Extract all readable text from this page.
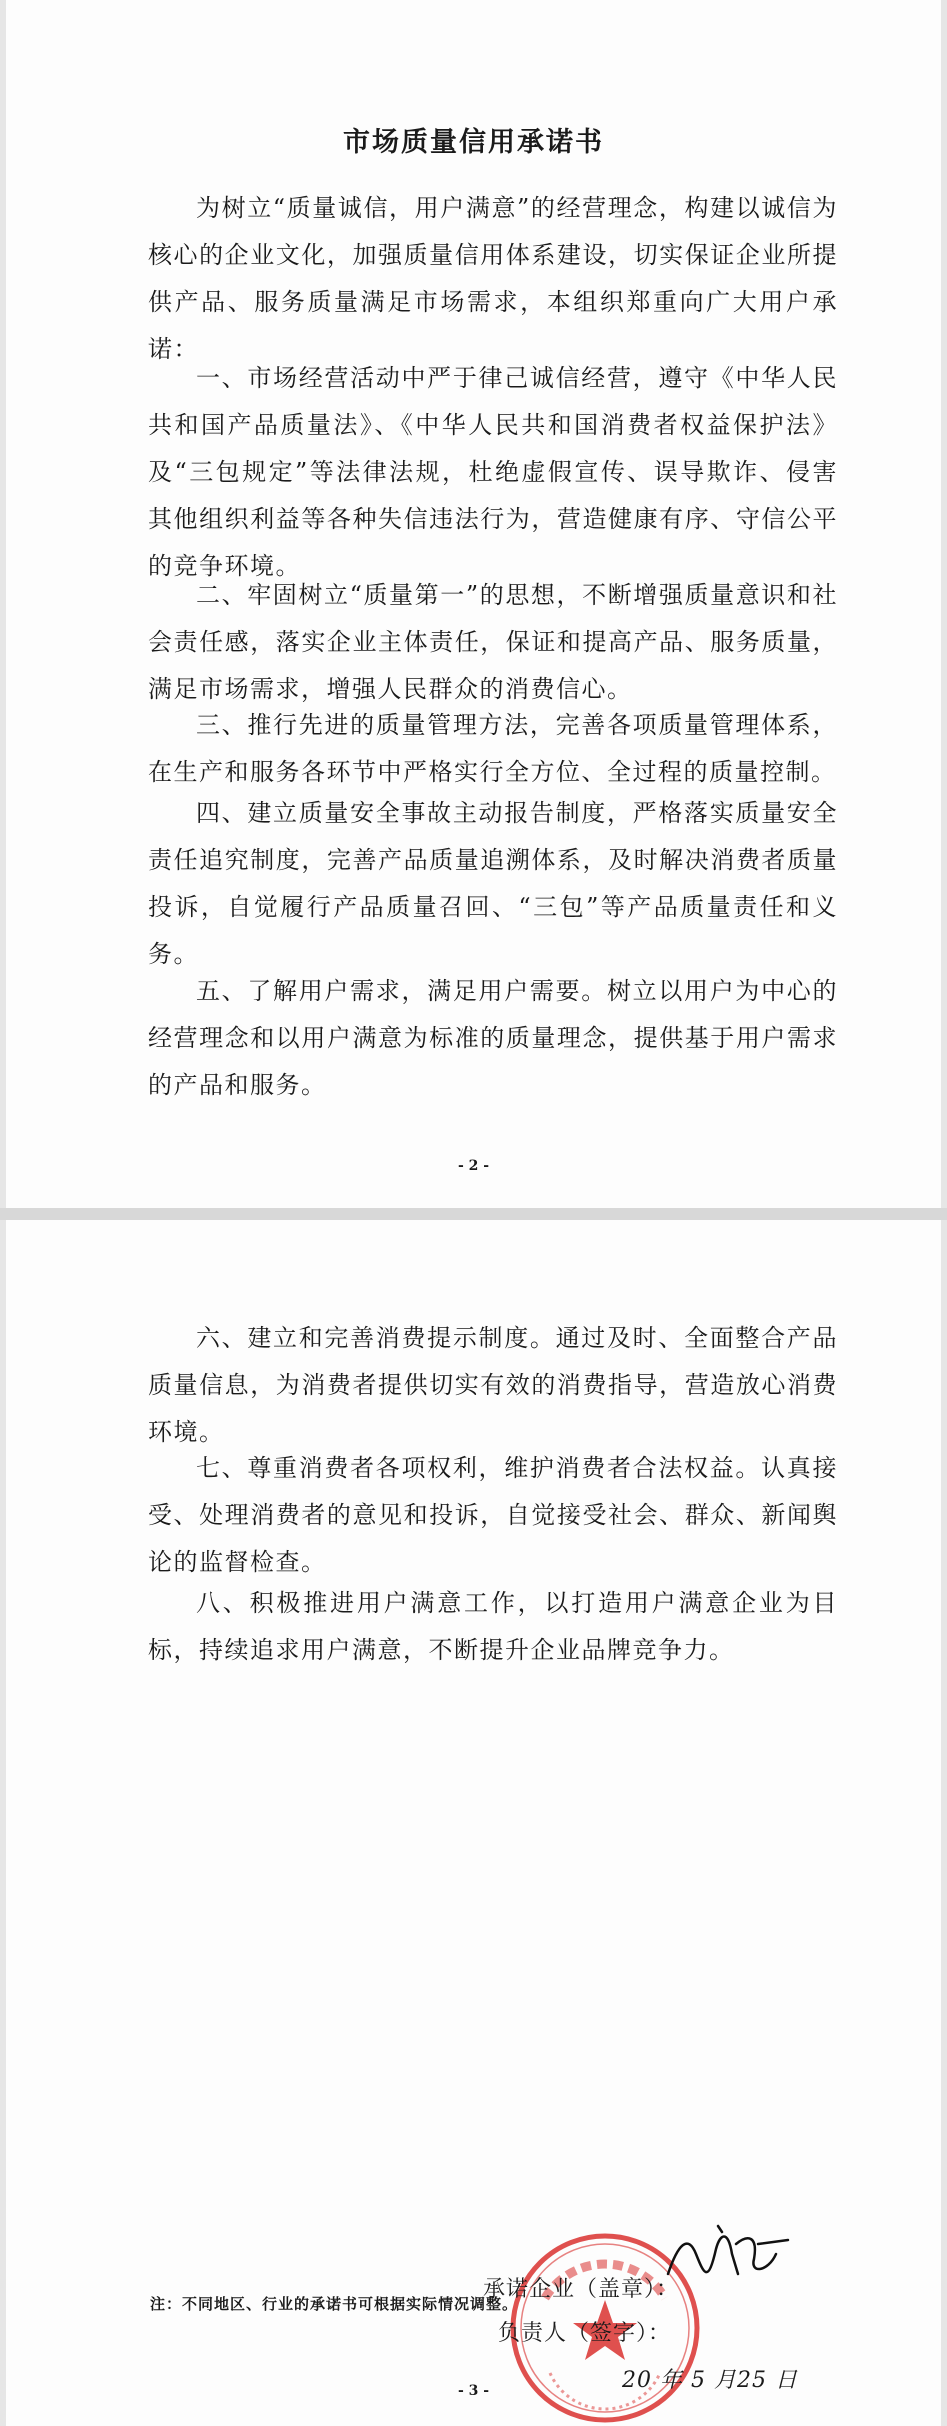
市场质量信用承诺书

为树立“质量诚信，用户满意”的经营理念，构建以诚信为核心的企业文化，加强质量信用体系建设，切实保证企业所提供产品、服务质量满足市场需求，本组织郑重向广大用户承诺：

一、市场经营活动中严于律己诚信经营，遵守《中华人民共和国产品质量法》、《中华人民共和国消费者权益保护法》及“三包规定”等法律法规，杜绝虚假宣传、误导欺诈、侵害其他组织利益等各种失信违法行为，营造健康有序、守信公平的竞争环境。

二、牢固树立“质量第一”的思想，不断增强质量意识和社会责任感，落实企业主体责任，保证和提高产品、服务质量，满足市场需求，增强人民群众的消费信心。

三、推行先进的质量管理方法，完善各项质量管理体系，在生产和服务各环节中严格实行全方位、全过程的质量控制。

四、建立质量安全事故主动报告制度，严格落实质量安全责任追究制度，完善产品质量追溯体系，及时解决消费者质量投诉，自觉履行产品质量召回、“三包”等产品质量责任和义务。

五、了解用户需求，满足用户需要。树立以用户为中心的经营理念和以用户满意为标准的质量理念，提供基于用户需求的产品和服务。

- 2 -

六、建立和完善消费提示制度。通过及时、全面整合产品质量信息，为消费者提供切实有效的消费指导，营造放心消费环境。

七、尊重消费者各项权利，维护消费者合法权益。认真接受、处理消费者的意见和投诉，自觉接受社会、群众、新闻舆论的监督检查。

八、积极推进用户满意工作，以打造用户满意企业为目标，持续追求用户满意，不断提升企业品牌竞争力。

承诺企业（盖章）：
负责人（签字）：
20 年 5 月25 日
注：不同地区、行业的承诺书可根据实际情况调整。
- 3 -
